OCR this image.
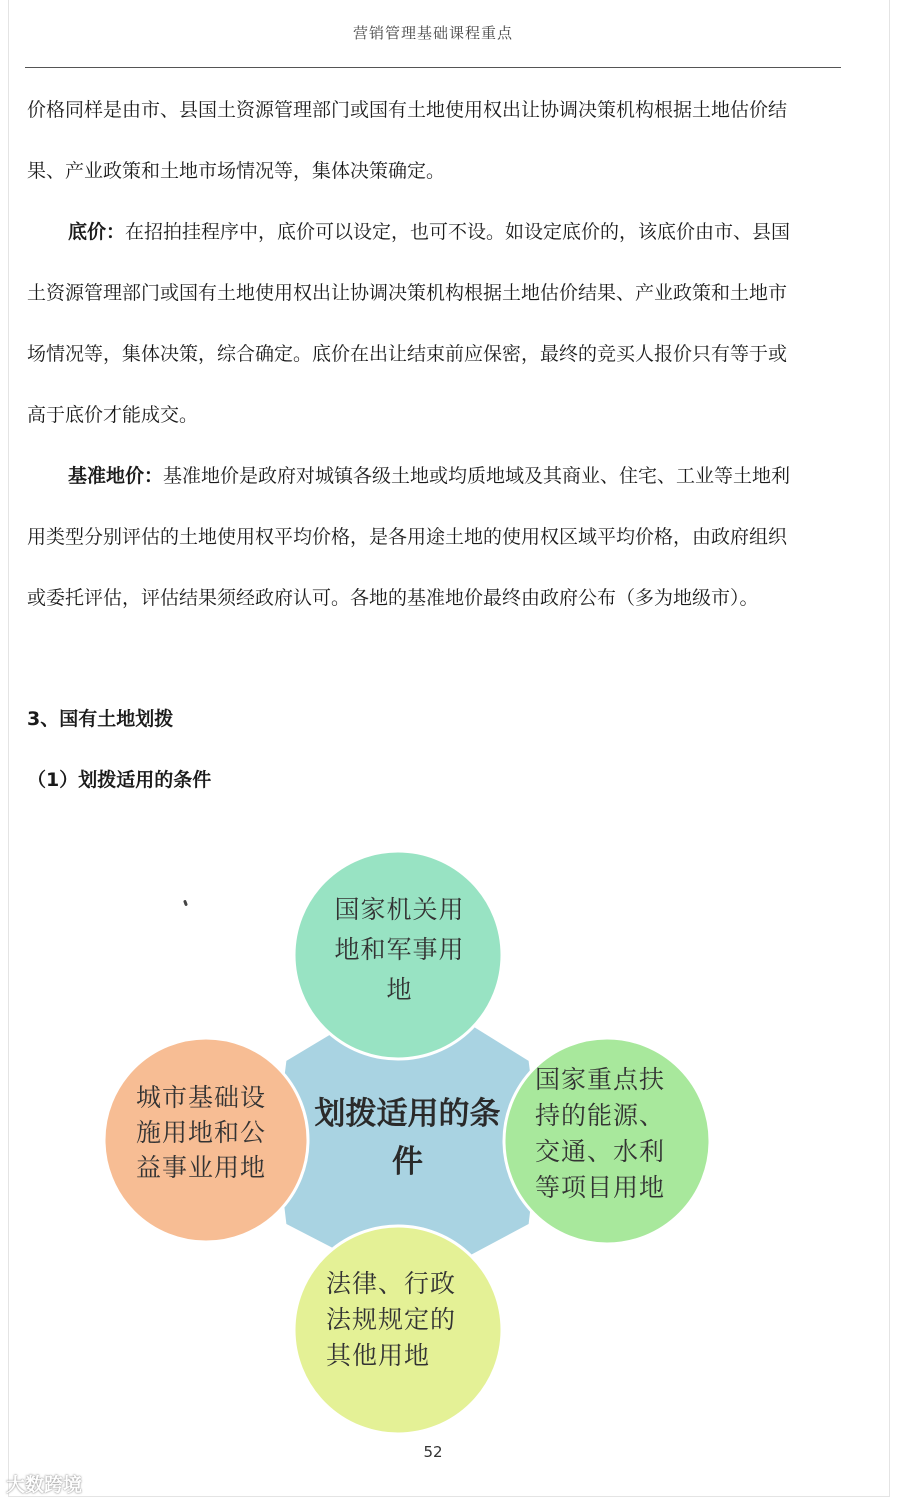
营销管理基础课程重点
价格同样是由市、县国土资源管理部门或国有土地使用权出让协调决策机构根据土地估价结
果、产业政策和土地市场情况等，集体决策确定。
底价：在招拍挂程序中，底价可以设定，也可不设。如设定底价的，该底价由市、县国
土资源管理部门或国有土地使用权出让协调决策机构根据土地估价结果、产业政策和土地市
场情况等，集体决策，综合确定。底价在出让结束前应保密，最终的竞买人报价只有等于或
高于底价才能成交。
基准地价：基准地价是政府对城镇各级土地或均质地域及其商业、住宅、工业等土地利
用类型分别评估的土地使用权平均价格，是各用途土地的使用权区域平均价格，由政府组织
或委托评估，评估结果须经政府认可。各地的基准地价最终由政府公布（多为地级市）。
3、国有土地划拨
（1）划拨适用的条件
划拨适用的条
件
国家机关用
地和军事用
地
城市基础设
施用地和公
益事业用地
国家重点扶
持的能源、
交通、水利
等项目用地
法律、行政
法规规定的
其他用地
52
大数跨境
